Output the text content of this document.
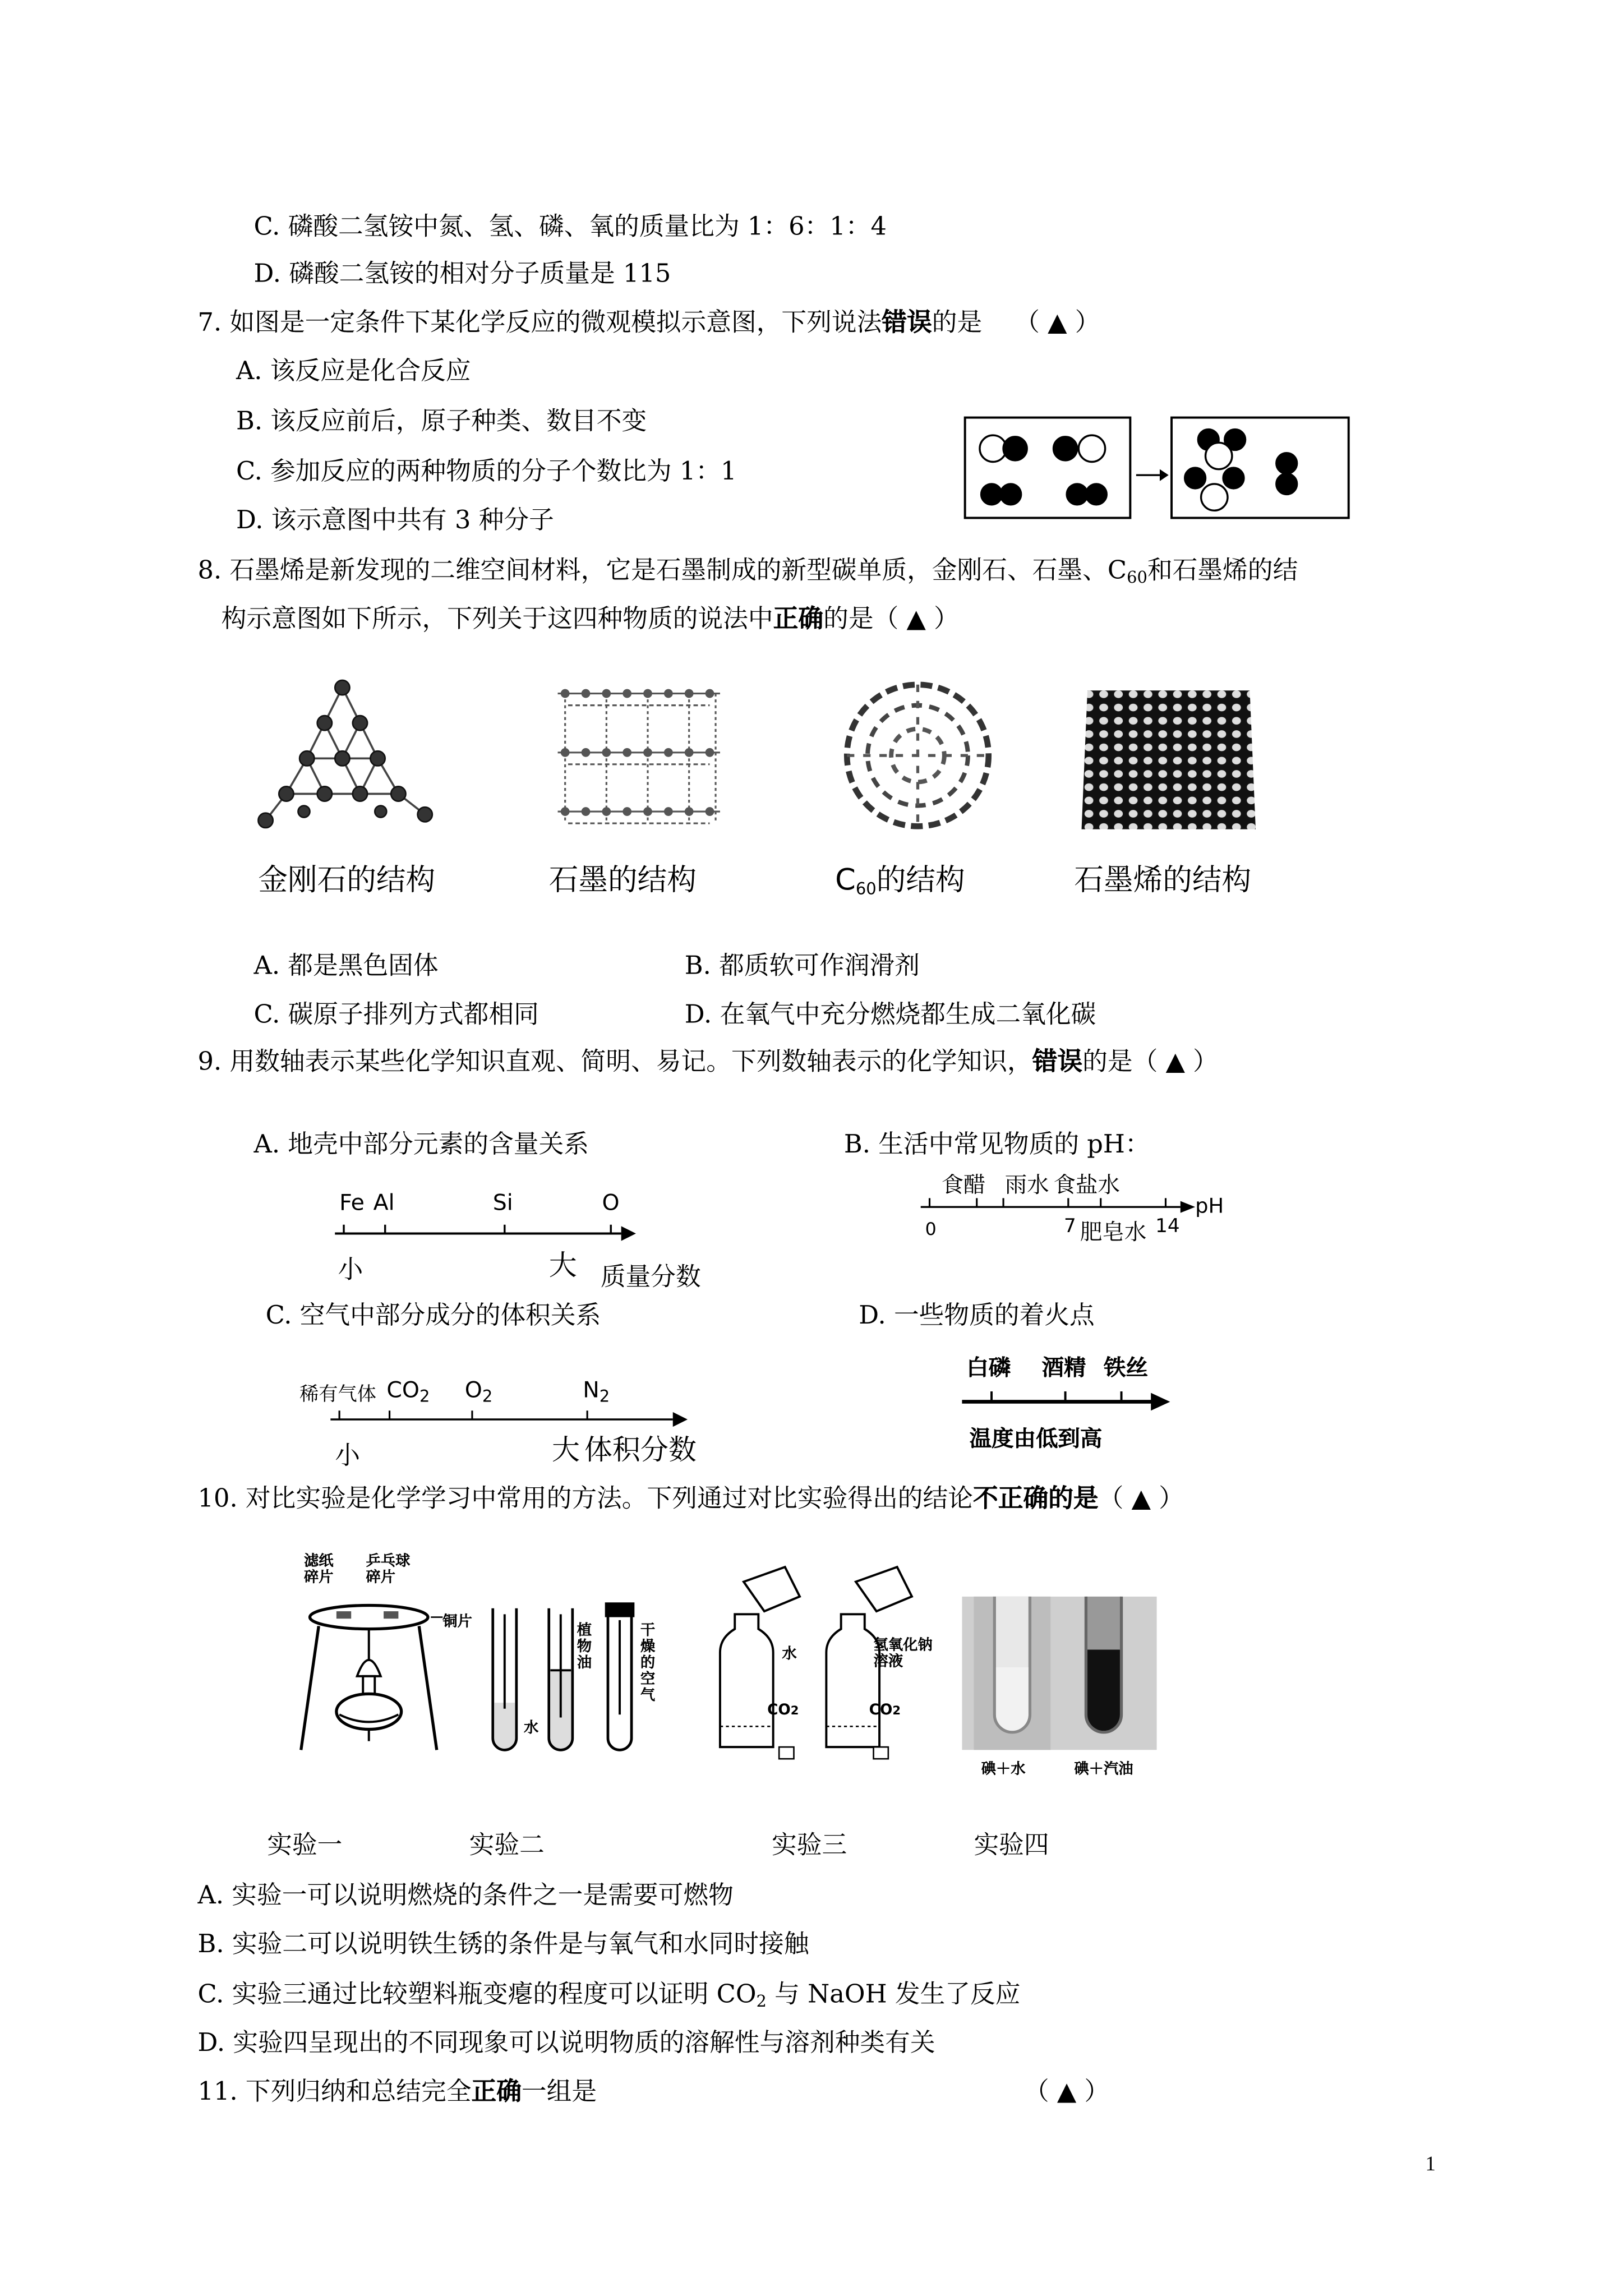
C. 磷酸二氢铵中氮、氢、磷、氧的质量比为 1：6：1：4
D. 磷酸二氢铵的相对分子质量是 115
7. 如图是一定条件下某化学反应的微观模拟示意图，下列说法错误的是	（ ▲ ）
A. 该反应是化合反应
B. 该反应前后，原子种类、数目不变
C. 参加反应的两种物质的分子个数比为 1：1
D. 该示意图中共有 3 种分子
8. 石墨烯是新发现的二维空间材料，它是石墨制成的新型碳单质，金刚石、石墨、$C_{60}$和石墨烯的结
构示意图如下所示，下列关于这四种物质的说法中正确的是（ ▲ ）
金刚石的结构	石墨的结构	$C_{60}$的结构	石墨烯的结构
A. 都是黑色固体	B. 都质软可作润滑剂
C. 碳原子排列方式都相同	D. 在氧气中充分燃烧都生成二氧化碳
9. 用数轴表示某些化学知识直观、简明、易记。下列数轴表示的化学知识，错误的是（ ▲ ）
A. 地壳中部分元素的含量关系	B. 生活中常见物质的 pH：
Fe Al	Si	O
小	大 质量分数
食醋 雨水 食盐水
0	7 肥皂水 14
pH
C. 空气中部分成分的体积关系	D. 一些物质的着火点
稀有气体 $CO_2$	$O_2$	$N_2$
小	大 体积分数
白磷	酒精 铁丝
温度由低到高
10. 对比实验是化学学习中常用的方法。下列通过对比实验得出的结论不正确的是（ ▲ ）
滤纸碎片
乒乓球碎片
铜片
植物油
水
干燥的空气
水
氢氧化钠溶液
CO2	CO2
碘＋水	碘＋汽油
实验一	实验二	实验三	实验四
A. 实验一可以说明燃烧的条件之一是需要可燃物
B. 实验二可以说明铁生锈的条件是与氧气和水同时接触
C. 实验三通过比较塑料瓶变瘪的程度可以证明 $CO_2$ 与 NaOH 发生了反应
D. 实验四呈现出的不同现象可以说明物质的溶解性与溶剂种类有关
11. 下列归纳和总结完全正确一组是	（ ▲ ）
1
